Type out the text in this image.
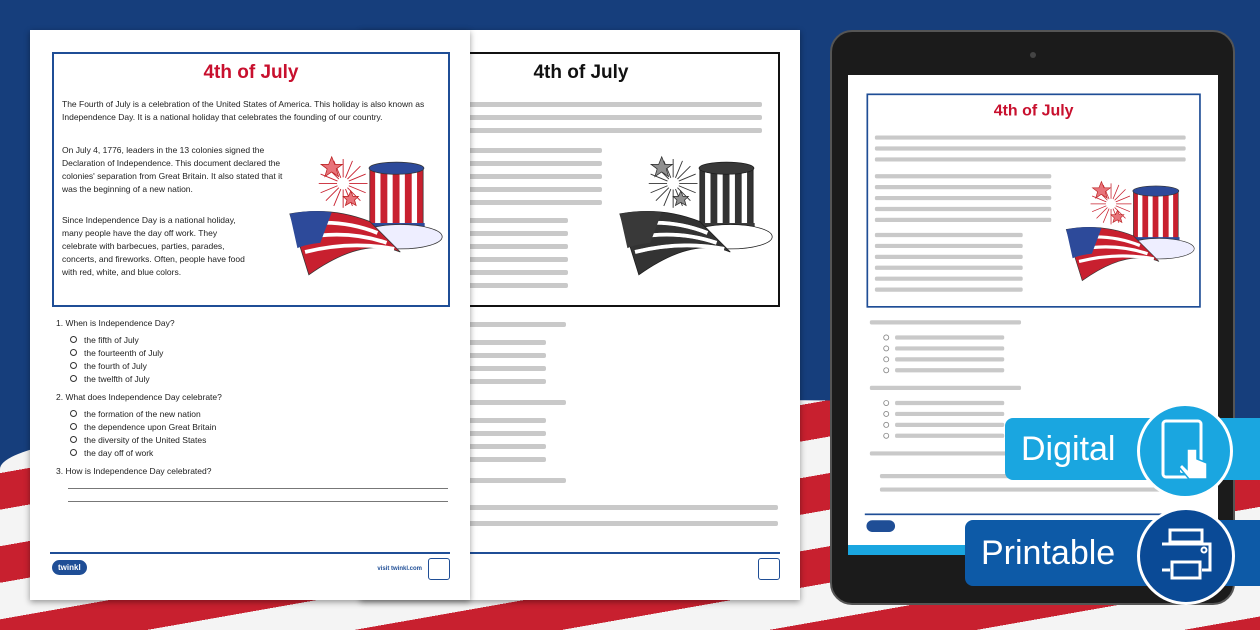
4th of July
4th of July
The Fourth of July is a celebration of the United States of America. This holiday is also known as Independence Day. It is a national holiday that celebrates the founding of our country.
On July 4, 1776, leaders in the 13 colonies signed the Declaration of Independence. This document declared the colonies' separation from Great Britain. It also stated that it was the beginning of a new nation.
Since Independence Day is a national holiday, many people have the day off work. They celebrate with barbecues, parties, parades, concerts, and fireworks. Often, people have food with red, white, and blue colors.
1. When is Independence Day?
the fifth of July
the fourteenth of July
the fourth of July
the twelfth of July
2. What does Independence Day celebrate?
the formation of the new nation
the dependence upon Great Britain
the diversity of the United States
the day off of work
3. How is Independence Day celebrated?
twinkl	visit twinkl.com
4th of July
Digital
Printable
